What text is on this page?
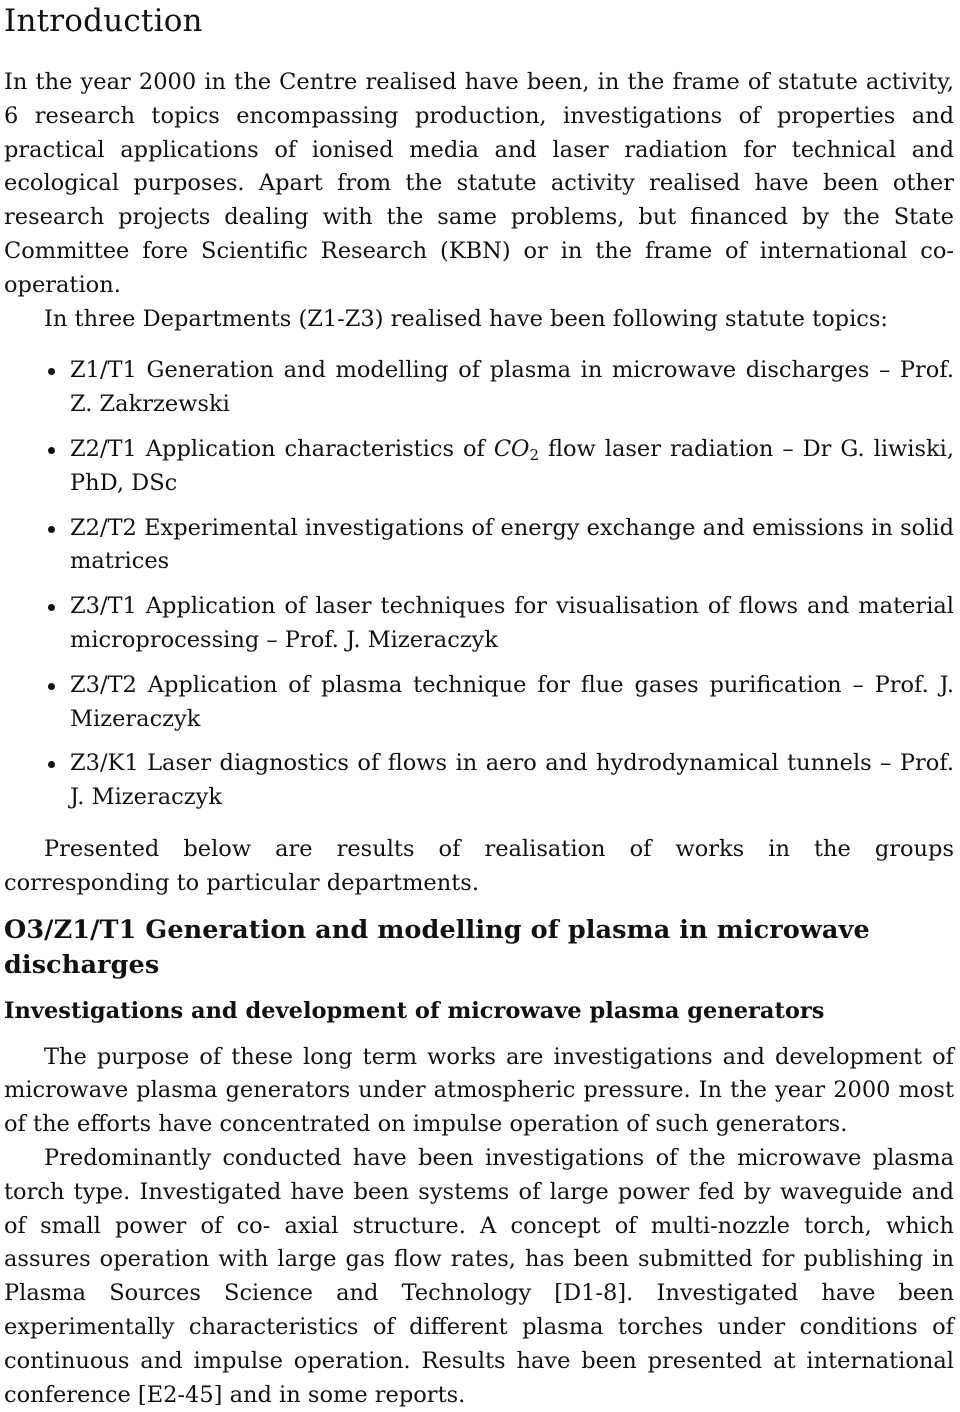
Introduction

In the year 2000 in the Centre realised have been, in the frame of statute activity, 6 research topics encompassing production, investigations of properties and practical applications of ionised media and laser radiation for technical and ecological purposes. Apart from the statute activity realised have been other research projects dealing with the same problems, but financed by the State Committee fore Scientific Research (KBN) or in the frame of international co-operation.

In three Departments (Z1-Z3) realised have been following statute topics:

Z1/T1 Generation and modelling of plasma in microwave discharges – Prof. Z. Zakrzewski
Z2/T1 Application characteristics of $CO_2$ flow laser radiation – Dr G. liwiski, PhD, DSc
Z2/T2 Experimental investigations of energy exchange and emissions in solid matrices
Z3/T1 Application of laser techniques for visualisation of flows and material microprocessing – Prof. J. Mizeraczyk
Z3/T2 Application of plasma technique for flue gases purification – Prof. J. Mizeraczyk
Z3/K1 Laser diagnostics of flows in aero and hydrodynamical tunnels – Prof. J. Mizeraczyk

Presented below are results of realisation of works in the groups corresponding to particular departments.

O3/Z1/T1 Generation and modelling of plasma in microwave discharges
Investigations and development of microwave plasma generators

The purpose of these long term works are investigations and development of microwave plasma generators under atmospheric pressure. In the year 2000 most of the efforts have concentrated on impulse operation of such generators.

Predominantly conducted have been investigations of the microwave plasma torch type. Investigated have been systems of large power fed by waveguide and of small power of co- axial structure. A concept of multi-nozzle torch, which assures operation with large gas flow rates, has been submitted for publishing in Plasma Sources Science and Technology [D1-8]. Investigated have been experimentally characteristics of different plasma torches under conditions of continuous and impulse operation. Results have been presented at international conference [E2-45] and in some reports.
